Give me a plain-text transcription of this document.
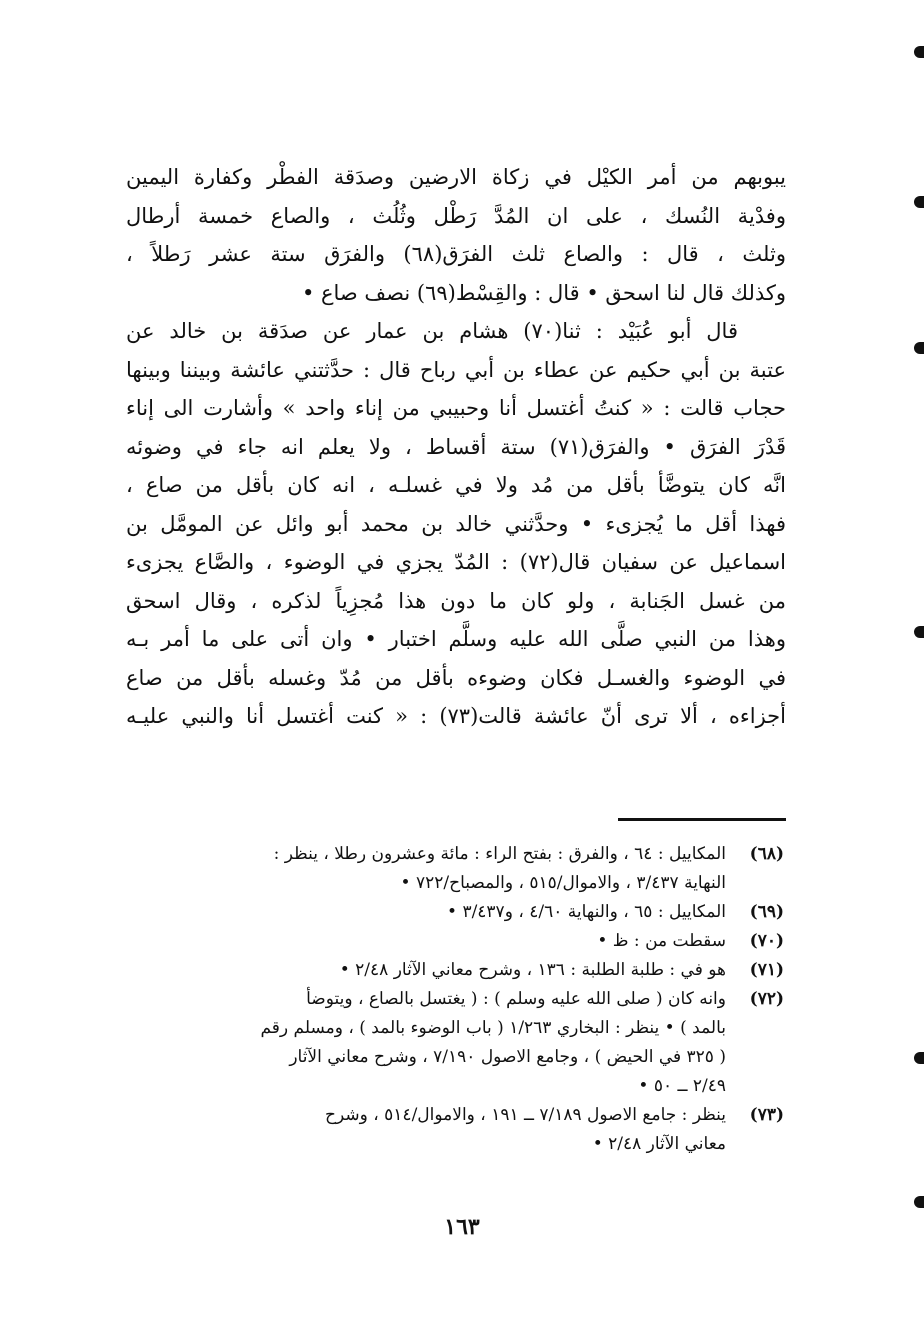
يبوبهم من أمر الكيْل في زكاة الارضين وصدَقة الفطْر وكفارة اليمين
وفدْية النُسك ، على ان المُدَّ رَطْل وثُلُث ، والصاع خمسة أرطال
وثلث ، قال : والصاع ثلث الفرَق(٦٨) والفرَق ستة عشر رَطلاً ،
وكذلك قال لنا اسحق • قال : والقِسْط(٦٩) نصف صاع •
قال أبو عُبَيْد : ثنا(٧٠) هشام بن عمار عن صدَقة بن خالد عن
عتبة بن أبي حكيم عن عطاء بن أبي رباح قال : حدَّثتني عائشة وبيننا وبينها
حجاب قالت : « كنتُ أغتسل أنا وحبيبي من إناء واحد » وأشارت الى إناء
قَدْرَ الفرَق • والفرَق(٧١) ستة أقساط ، ولا يعلم انه جاء في وضوئه
انَّه كان يتوضَّأ بأقل من مُد ولا في غسلـه ، انه كان بأقل من صاع ،
فهذا أقل ما يُجزىء • وحدَّثني خالد بن محمد أبو وائل عن المومَّل بن
اسماعيل عن سفيان قال(٧٢) : المُدّ يجزي في الوضوء ، والصَّاع يجزىء
من غسل الجَنابة ، ولو كان ما دون هذا مُجزِياً لذكره ، وقال اسحق
وهذا من النبي صلَّى الله عليه وسلَّم اختبار • وان أتى على ما أمر بـه
في الوضوء والغسـل فكان وضوءه بأقل من مُدّ وغسله بأقل من صاع
أجزاءه ، ألا ترى أنّ عائشة قالت(٧٣) : « كنت أغتسل أنا والنبي عليـه
(٦٨)
المكاييل : ٦٤ ، والفرق : بفتح الراء : مائة وعشرون رطلا ، ينظر :
النهاية ٣/٤٣٧ ، والاموال/٥١٥ ، والمصباح/٧٢٢ •
(٦٩)
المكاييل : ٦٥ ، والنهاية ٤/٦٠ ، و٣/٤٣٧ •
(٧٠)
سقطت من : ظ •
(٧١)
هو في : طلبة الطلبة : ١٣٦ ، وشرح معاني الآثار ٢/٤٨ •
(٧٢)
وانه كان ( صلى الله عليه وسلم ) : ( يغتسل بالصاع ، ويتوضأ
بالمد ) • ينظر : البخاري ١/٢٦٣ ( باب الوضوء بالمد ) ، ومسلم رقم
( ٣٢٥ في الحيض ) ، وجامع الاصول ٧/١٩٠ ، وشرح معاني الآثار
٢/٤٩ ــ ٥٠ •
(٧٣)
ينظر : جامع الاصول ٧/١٨٩ ــ ١٩١ ، والاموال/٥١٤ ، وشرح
معاني الآثار ٢/٤٨ •
١٦٣
